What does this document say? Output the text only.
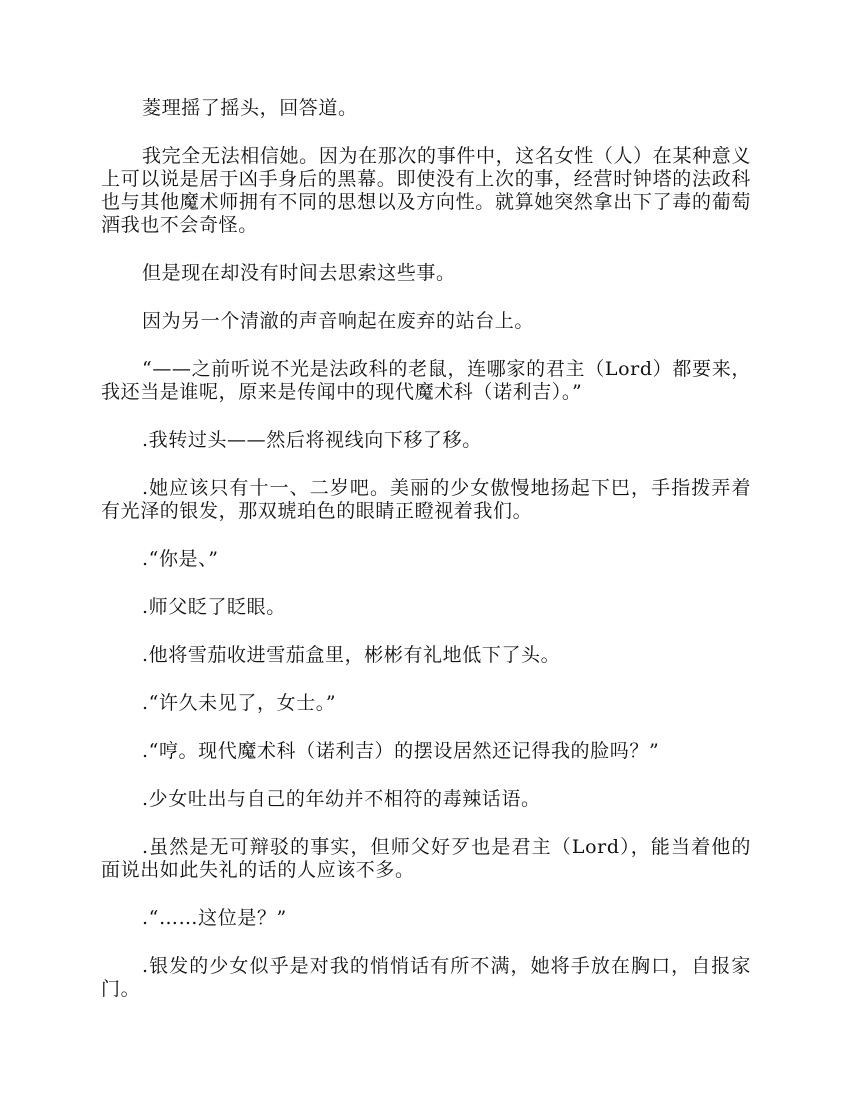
菱理摇了摇头，回答道。

我完全无法相信她。因为在那次的事件中，这名女性（人）在某种意义上可以说是居于凶手身后的黑幕。即使没有上次的事，经营时钟塔的法政科也与其他魔术师拥有不同的思想以及方向性。就算她突然拿出下了毒的葡萄酒我也不会奇怪。

但是现在却没有时间去思索这些事。

因为另一个清澈的声音响起在废弃的站台上。

“——之前听说不光是法政科的老鼠，连哪家的君主（Lord）都要来，我还当是谁呢，原来是传闻中的现代魔术科（诺利吉）。”

.我转过头——然后将视线向下移了移。

.她应该只有十一、二岁吧。美丽的少女傲慢地扬起下巴，手指拨弄着有光泽的银发，那双琥珀色的眼睛正瞪视着我们。

.“你是、”

.师父眨了眨眼。

.他将雪茄收进雪茄盒里，彬彬有礼地低下了头。

.“许久未见了，女士。”

.“哼。现代魔术科（诺利吉）的摆设居然还记得我的脸吗？”

.少女吐出与自己的年幼并不相符的毒辣话语。

.虽然是无可辩驳的事实，但师父好歹也是君主（Lord），能当着他的面说出如此失礼的话的人应该不多。

.“……这位是？”

.银发的少女似乎是对我的悄悄话有所不满，她将手放在胸口，自报家门。
